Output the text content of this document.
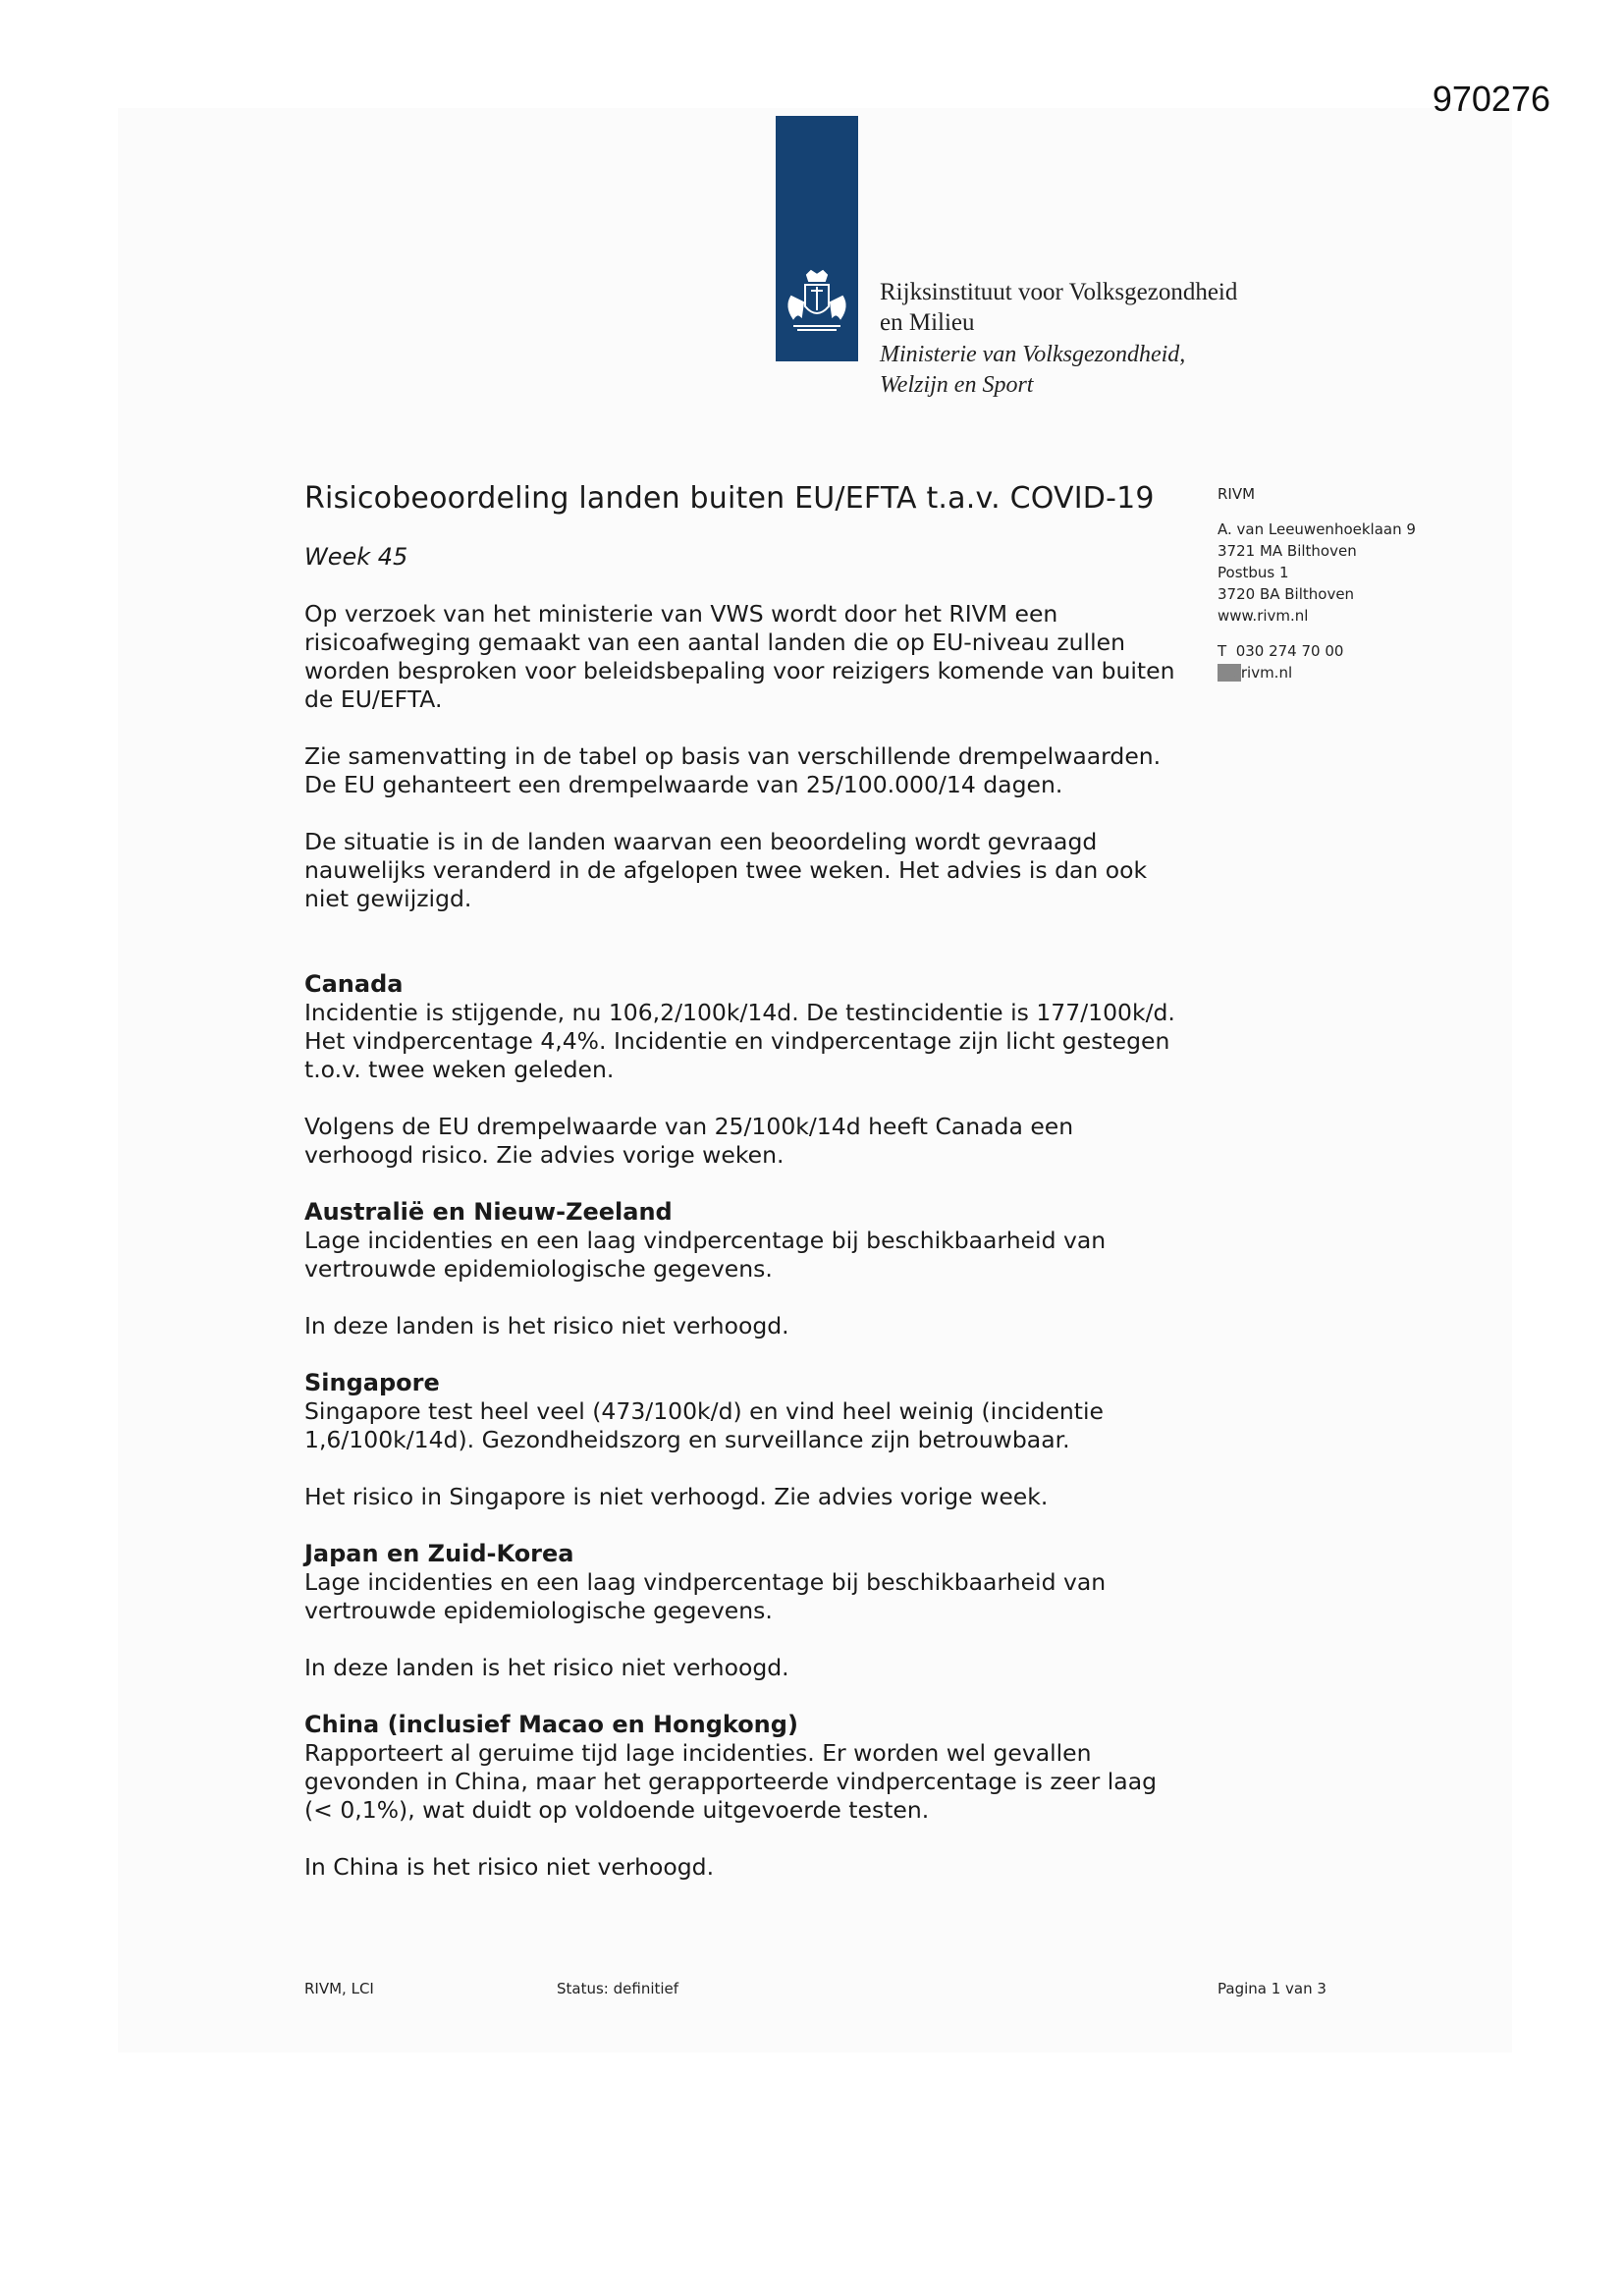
970276
Rijksinstituut voor Volksgezondheid
en Milieu
Ministerie van Volksgezondheid,
Welzijn en Sport
Risicobeoordeling landen buiten EU/EFTA t.a.v. COVID-19
Week 45

Op verzoek van het ministerie van VWS wordt door het RIVM een risicoafweging gemaakt van een aantal landen die op EU-niveau zullen worden besproken voor beleidsbepaling voor reizigers komende van buiten de EU/EFTA.

Zie samenvatting in de tabel op basis van verschillende drempelwaarden. De EU gehanteert een drempelwaarde van 25/100.000/14 dagen.

De situatie is in de landen waarvan een beoordeling wordt gevraagd nauwelijks veranderd in de afgelopen twee weken. Het advies is dan ook niet gewijzigd.

Canada

Incidentie is stijgende, nu 106,2/100k/14d. De testincidentie is 177/100k/d. Het vindpercentage 4,4%. Incidentie en vindpercentage zijn licht gestegen t.o.v. twee weken geleden.

Volgens de EU drempelwaarde van 25/100k/14d heeft Canada een verhoogd risico. Zie advies vorige weken.

Australië en Nieuw-Zeeland

Lage incidenties en een laag vindpercentage bij beschikbaarheid van vertrouwde epidemiologische gegevens.

In deze landen is het risico niet verhoogd.

Singapore

Singapore test heel veel (473/100k/d) en vind heel weinig (incidentie 1,6/100k/14d). Gezondheidszorg en surveillance zijn betrouwbaar.

Het risico in Singapore is niet verhoogd. Zie advies vorige week.

Japan en Zuid-Korea

Lage incidenties en een laag vindpercentage bij beschikbaarheid van vertrouwde epidemiologische gegevens.

In deze landen is het risico niet verhoogd.

China (inclusief Macao en Hongkong)

Rapporteert al geruime tijd lage incidenties. Er worden wel gevallen gevonden in China, maar het gerapporteerde vindpercentage is zeer laag (< 0,1%), wat duidt op voldoende uitgevoerde testen.

In China is het risico niet verhoogd.

RIVM
A. van Leeuwenhoeklaan 9
3721 MA Bilthoven
Postbus 1
3720 BA Bilthoven
www.rivm.nl
T  030 274 70 00
1.2rivm.nl
RIVM, LCI	Status: definitief	Pagina 1 van 3
